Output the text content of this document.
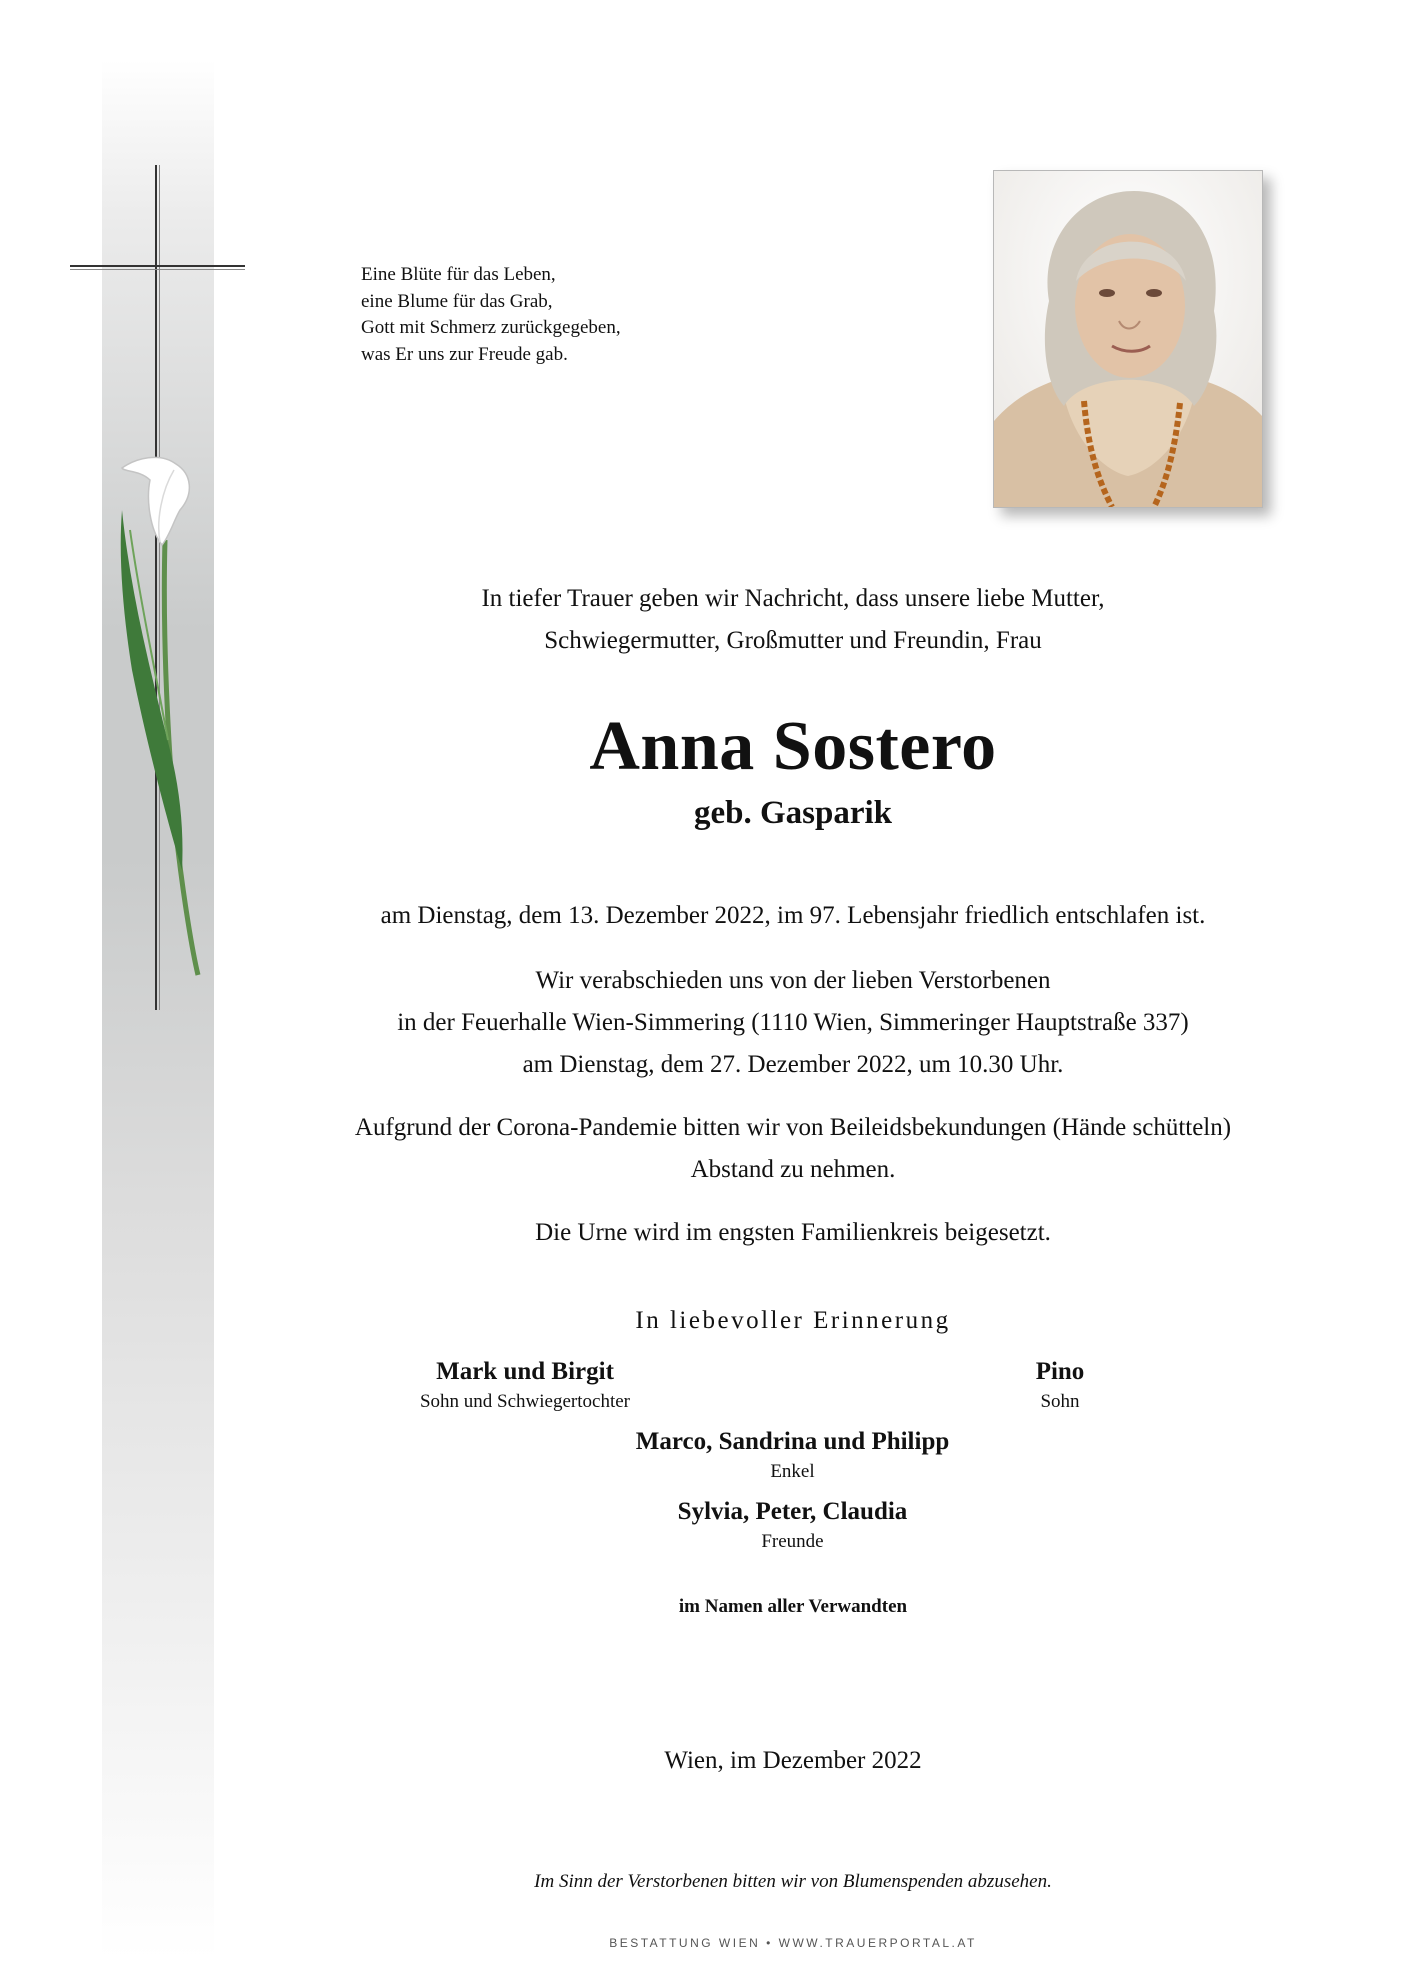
Eine Blüte für das Leben,
eine Blume für das Grab,
Gott mit Schmerz zurückgegeben,
was Er uns zur Freude gab.
In tiefer Trauer geben wir Nachricht, dass unsere liebe Mutter,
Schwiegermutter, Großmutter und Freundin, Frau
Anna Sostero
geb. Gasparik
am Dienstag, dem 13. Dezember 2022, im 97. Lebensjahr friedlich entschlafen ist.
Wir verabschieden uns von der lieben Verstorbenen
in der Feuerhalle Wien-Simmering (1110 Wien, Simmeringer Hauptstraße 337)
am Dienstag, dem 27. Dezember 2022, um 10.30 Uhr.
Aufgrund der Corona-Pandemie bitten wir von Beileidsbekundungen (Hände schütteln)
Abstand zu nehmen.
Die Urne wird im engsten Familienkreis beigesetzt.
In liebevoller Erinnerung
Mark und Birgit
Sohn und Schwiegertochter
Pino
Sohn
Marco, Sandrina und Philipp
Enkel
Sylvia, Peter, Claudia
Freunde
im Namen aller Verwandten
Wien, im Dezember 2022
Im Sinn der Verstorbenen bitten wir von Blumenspenden abzusehen.
BESTATTUNG WIEN • WWW.TRAUERPORTAL.AT
